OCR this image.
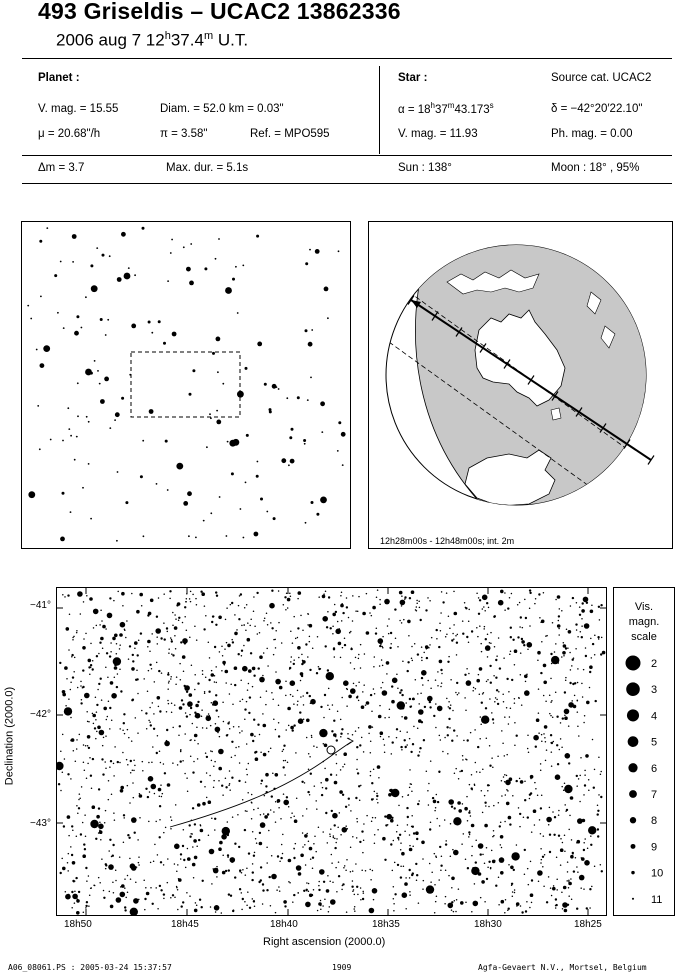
493 Griseldis – UCAC2 13862336
2006 aug 7 12$^h$37.4$^m$ U.T.
Planet :
V. mag. = 15.55	Diam. = 52.0 km = 0.03"
μ = 20.68"/h	π = 3.58"	Ref. = MPO595
Δm = 3.7	Max. dur. = 5.1s
Star :	Source cat. UCAC2
$\alpha = 18^h37^m43.173^s$	δ = −42°20′22.10"
V. mag. = 11.93	Ph. mag. = 0.00
Sun : 138°	Moon : 18° , 95%
12h28m00s - 12h48m00s; int. 2m
Declination (2000.0)
−41°
−42°
−43°
18h50	18h45	18h40	18h35	18h30	18h25
Right ascension (2000.0)
Vis.
magn.
scale
2
3
4
5
6
7
8
9
10
11
A06_08061.PS : 2005-03-24 15:37:57	1909	Agfa-Gevaert N.V., Mortsel, Belgium
